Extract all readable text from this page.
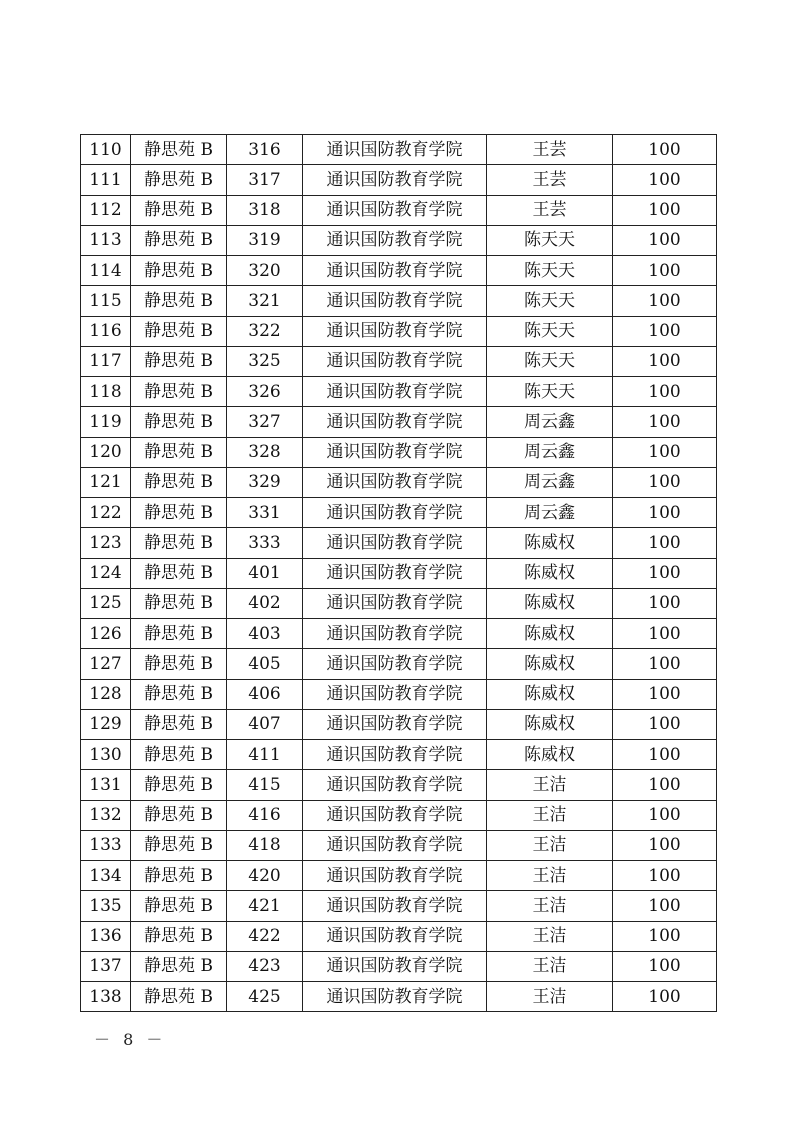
110	静思苑 B	316	通识国防教育学院	王芸	100
111	静思苑 B	317	通识国防教育学院	王芸	100
112	静思苑 B	318	通识国防教育学院	王芸	100
113	静思苑 B	319	通识国防教育学院	陈天天	100
114	静思苑 B	320	通识国防教育学院	陈天天	100
115	静思苑 B	321	通识国防教育学院	陈天天	100
116	静思苑 B	322	通识国防教育学院	陈天天	100
117	静思苑 B	325	通识国防教育学院	陈天天	100
118	静思苑 B	326	通识国防教育学院	陈天天	100
119	静思苑 B	327	通识国防教育学院	周云鑫	100
120	静思苑 B	328	通识国防教育学院	周云鑫	100
121	静思苑 B	329	通识国防教育学院	周云鑫	100
122	静思苑 B	331	通识国防教育学院	周云鑫	100
123	静思苑 B	333	通识国防教育学院	陈威权	100
124	静思苑 B	401	通识国防教育学院	陈威权	100
125	静思苑 B	402	通识国防教育学院	陈威权	100
126	静思苑 B	403	通识国防教育学院	陈威权	100
127	静思苑 B	405	通识国防教育学院	陈威权	100
128	静思苑 B	406	通识国防教育学院	陈威权	100
129	静思苑 B	407	通识国防教育学院	陈威权	100
130	静思苑 B	411	通识国防教育学院	陈威权	100
131	静思苑 B	415	通识国防教育学院	王洁	100
132	静思苑 B	416	通识国防教育学院	王洁	100
133	静思苑 B	418	通识国防教育学院	王洁	100
134	静思苑 B	420	通识国防教育学院	王洁	100
135	静思苑 B	421	通识国防教育学院	王洁	100
136	静思苑 B	422	通识国防教育学院	王洁	100
137	静思苑 B	423	通识国防教育学院	王洁	100
138	静思苑 B	425	通识国防教育学院	王洁	100
－ 8 －
